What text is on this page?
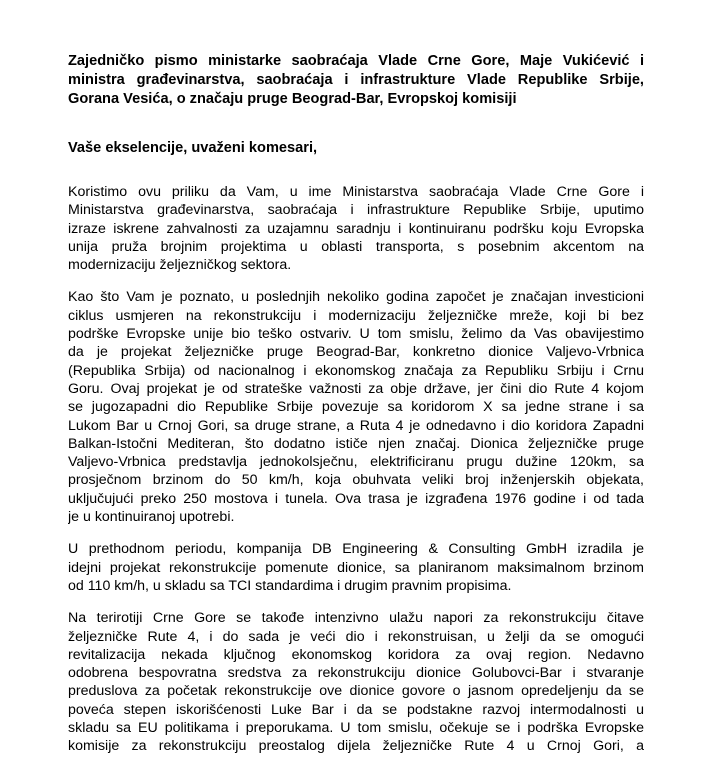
Zajedničko pismo ministarke saobraćaja Vlade Crne Gore, Maje Vukićević i
ministra građevinarstva, saobraćaja i infrastrukture Vlade Republike Srbije,
Gorana Vesića, o značaju pruge Beograd-Bar, Evropskoj komisiji

Vaše ekselencije, uvaženi komesari,

Koristimo ovu priliku da Vam, u ime Ministarstva saobraćaja Vlade Crne Gore i
Ministarstva građevinarstva, saobraćaja i infrastrukture Republike Srbije, uputimo
izraze iskrene zahvalnosti za uzajamnu saradnju i kontinuiranu podršku koju Evropska
unija pruža brojnim projektima u oblasti transporta, s posebnim akcentom na
modernizaciju željezničkog sektora.
Kao što Vam je poznato, u poslednjih nekoliko godina započet je značajan investicioni
ciklus usmjeren na rekonstrukciju i modernizaciju željezničke mreže, koji bi bez
podrške Evropske unije bio teško ostvariv. U tom smislu, želimo da Vas obavijestimo
da je projekat željezničke pruge Beograd-Bar, konkretno dionice Valjevo-Vrbnica
(Republika Srbija) od nacionalnog i ekonomskog značaja za Republiku Srbiju i Crnu
Goru. Ovaj projekat je od strateške važnosti za obje države, jer čini dio Rute 4 kojom
se jugozapadni dio Republike Srbije povezuje sa koridorom X sa jedne strane i sa
Lukom Bar u Crnoj Gori, sa druge strane, a Ruta 4 je odnedavno i dio koridora Zapadni
Balkan-Istočni Mediteran, što dodatno ističe njen značaj. Dionica željezničke pruge
Valjevo-Vrbnica predstavlja jednokolsječnu, elektrificiranu prugu dužine 120km, sa
prosječnom brzinom do 50 km/h, koja obuhvata veliki broj inženjerskih objekata,
uključujući preko 250 mostova i tunela. Ova trasa je izgrađena 1976 godine i od tada
je u kontinuiranoj upotrebi.
U prethodnom periodu, kompanija DB Engineering & Consulting GmbH izradila je
idejni projekat rekonstrukcije pomenute dionice, sa planiranom maksimalnom brzinom
od 110 km/h, u skladu sa TCI standardima i drugim pravnim propisima.
Na terirotiji Crne Gore se takođe intenzivno ulažu napori za rekonstrukciju čitave
željezničke Rute 4, i do sada je veći dio i rekonstruisan, u želji da se omogući
revitalizacija nekada ključnog ekonomskog koridora za ovaj region. Nedavno
odobrena bespovratna sredstva za rekonstrukciju dionice Golubovci-Bar i stvaranje
preduslova za početak rekonstrukcije ove dionice govore o jasnom opredeljenju da se
poveća stepen iskorišćenosti Luke Bar i da se podstakne razvoj intermodalnosti u
skladu sa EU politikama i preporukama. U tom smislu, očekuje se i podrška Evropske
komisije za rekonstrukciju preostalog dijela željezničke Rute 4 u Crnoj Gori, a
